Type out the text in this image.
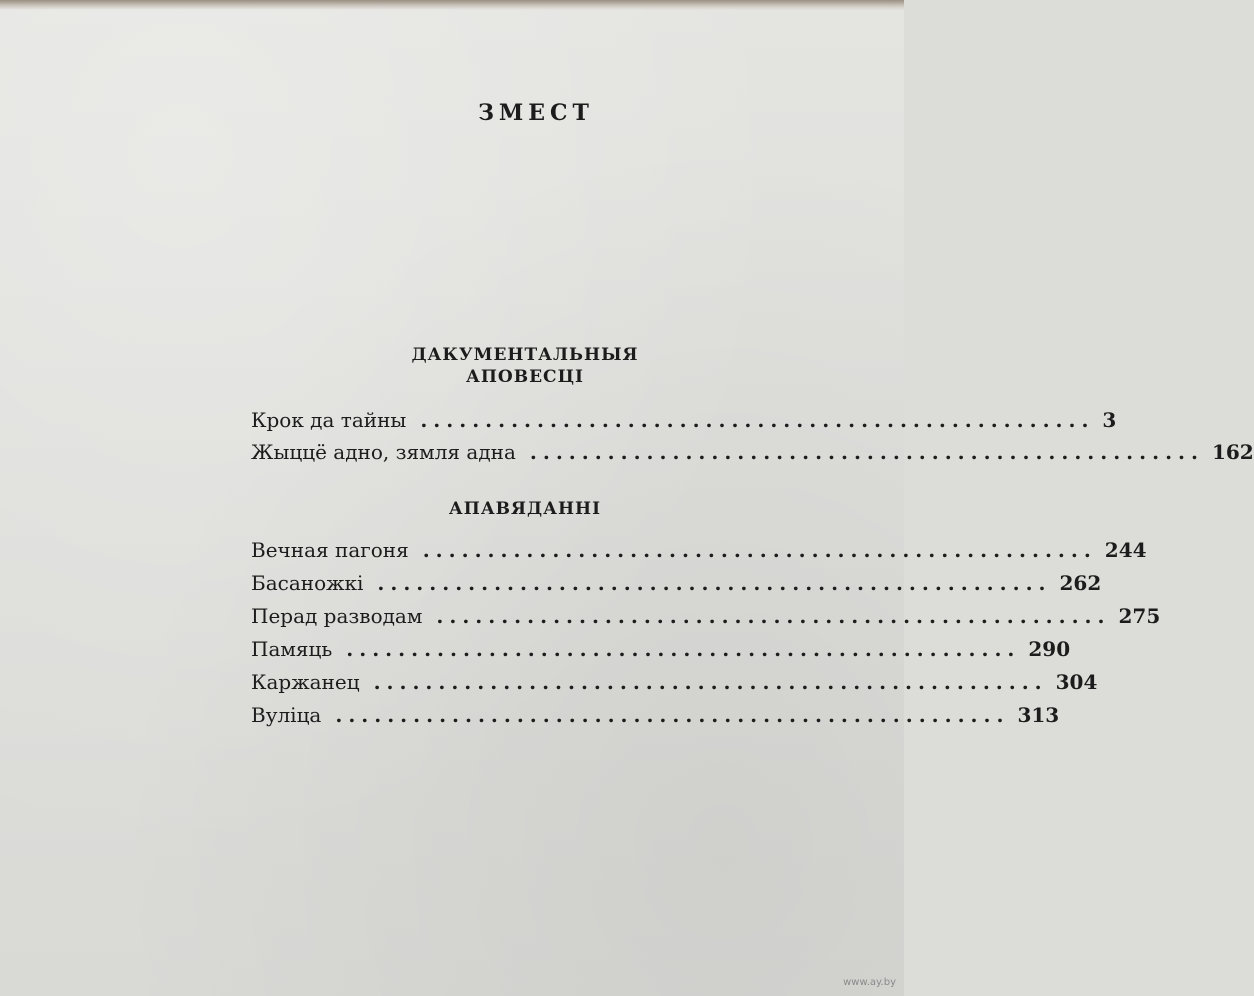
ЗМЕСТ
ДАКУМЕНТАЛЬНЫЯ
АПОВЕСЦІ
Крок да тайны .................................................... 3
Жыццё адно, зямля адна .................................................... 162
АПАВЯДАННІ
Вечная пагоня .................................................... 244
Басаножкі .................................................... 262
Перад разводам .................................................... 275
Памяць .................................................... 290
Каржанец .................................................... 304
Вуліца .................................................... 313
www.ay.by
